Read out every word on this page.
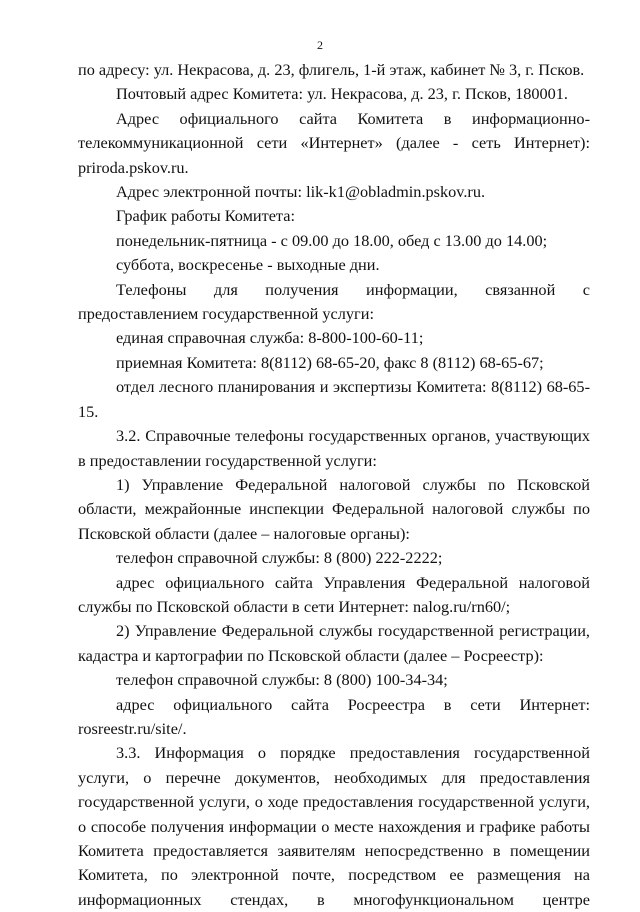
2

по адресу: ул. Некрасова, д. 23, флигель, 1-й этаж, кабинет № 3, г. Псков.

Почтовый адрес Комитета: ул. Некрасова, д. 23, г. Псков, 180001.

Адрес официального сайта Комитета в информационно-телекоммуникационной сети «Интернет» (далее - сеть Интернет): priroda.pskov.ru.

Адрес электронной почты: lik-k1@obladmin.pskov.ru.

График работы Комитета:

понедельник-пятница - с 09.00 до 18.00, обед с 13.00 до 14.00;

суббота, воскресенье - выходные дни.

Телефоны для получения информации, связанной с предоставлением государственной услуги:

единая справочная служба: 8-800-100-60-11;

приемная Комитета: 8(8112) 68-65-20, факс 8 (8112) 68-65-67;

отдел лесного планирования и экспертизы Комитета: 8(8112) 68-65-15.

3.2. Справочные телефоны государственных органов, участвующих в предоставлении государственной услуги:

1) Управление Федеральной налоговой службы по Псковской области, межрайонные инспекции Федеральной налоговой службы по Псковской области (далее – налоговые органы):

телефон справочной службы: 8 (800) 222-2222;

адрес официального сайта Управления Федеральной налоговой службы по Псковской области в сети Интернет: nalog.ru/rn60/;

2) Управление Федеральной службы государственной регистрации, кадастра и картографии по Псковской области (далее – Росреестр):

телефон справочной службы: 8 (800) 100-34-34;

адрес официального сайта Росреестра в сети Интернет: rosreestr.ru/site/.

3.3. Информация о порядке предоставления государственной услуги, о перечне документов, необходимых для предоставления государственной услуги, о ходе предоставления государственной услуги, о способе получения информации о месте нахождения и графике работы Комитета предоставляется заявителям непосредственно в помещении Комитета, по электронной почте, посредством ее размещения на информационных стендах, в многофункциональном центре
